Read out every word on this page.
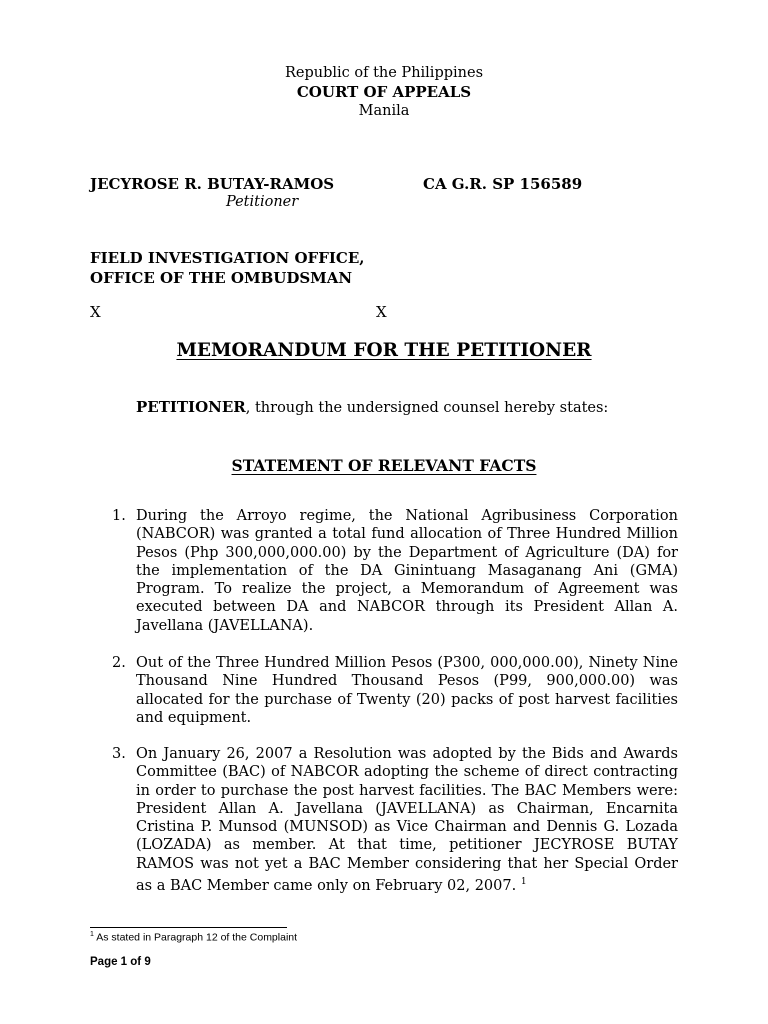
Republic of the Philippines
COURT OF APPEALS
Manila
JECYROSE R. BUTAY-RAMOS
Petitioner
CA G.R. SP 156589
FIELD INVESTIGATION OFFICE,
OFFICE OF THE OMBUDSMAN
X	X
MEMORANDUM FOR THE PETITIONER
PETITIONER, through the undersigned counsel hereby states:
STATEMENT OF RELEVANT FACTS
1. During the Arroyo regime, the National Agribusiness Corporation (NABCOR) was granted a total fund allocation of Three Hundred Million Pesos (Php 300,000,000.00) by the Department of Agriculture (DA) for the implementation of the DA Ginintuang Masaganang Ani (GMA) Program. To realize the project, a Memorandum of Agreement was executed between DA and NABCOR through its President Allan A. Javellana (JAVELLANA).
2. Out of the Three Hundred Million Pesos (P300, 000,000.00), Ninety Nine Thousand Nine Hundred Thousand Pesos (P99, 900,000.00) was allocated for the purchase of Twenty (20) packs of post harvest facilities and equipment.
3. On January 26, 2007 a Resolution was adopted by the Bids and Awards Committee (BAC) of NABCOR adopting the scheme of direct contracting in order to purchase the post harvest facilities. The BAC Members were: President Allan A. Javellana (JAVELLANA) as Chairman, Encarnita Cristina P. Munsod (MUNSOD) as Vice Chairman and Dennis G. Lozada (LOZADA) as member. At that time, petitioner JECYROSE BUTAY RAMOS was not yet a BAC Member considering that her Special Order as a BAC Member came only on February 02, 2007. $^1$
$^1$ As stated in Paragraph 12 of the Complaint
Page 1 of 9
